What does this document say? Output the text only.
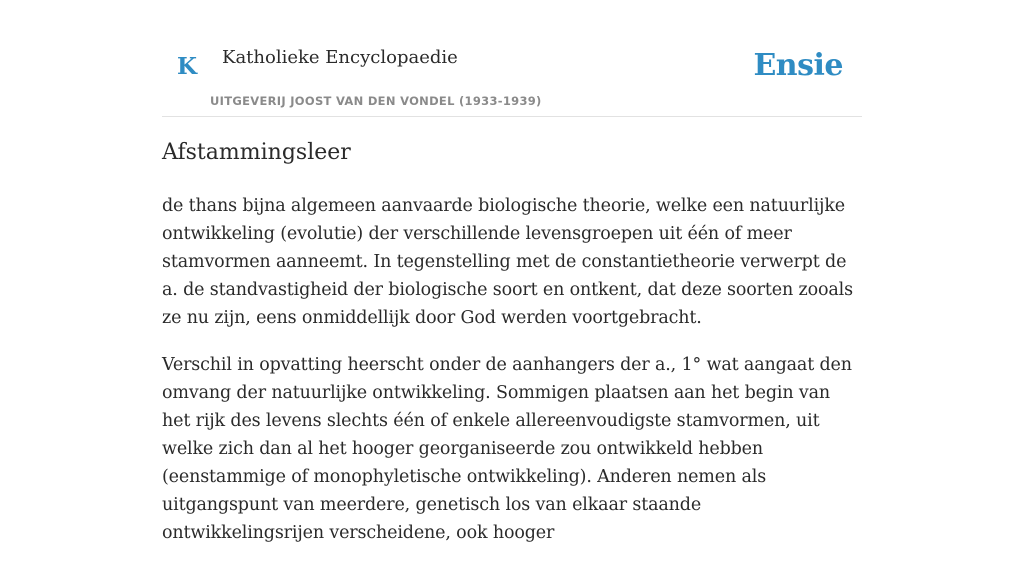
K Katholieke Encyclopaedie
UITGEVERIJ JOOST VAN DEN VONDEL (1933-1939)
Ensie
Afstammingsleer

de thans bijna algemeen aanvaarde biologische theorie, welke een natuurlijke ontwikkeling (evolutie) der verschillende levensgroepen uit één of meer stamvormen aanneemt. In tegenstelling met de constantietheorie verwerpt de a. de standvastigheid der biologische soort en ontkent, dat deze soorten zooals ze nu zijn, eens onmiddellijk door God werden voortgebracht.

Verschil in opvatting heerscht onder de aanhangers der a., 1° wat aangaat den omvang der natuurlijke ontwikkeling. Sommigen plaatsen aan het begin van het rijk des levens slechts één of enkele allereenvoudigste stamvormen, uit welke zich dan al het hooger georganiseerde zou ontwikkeld hebben (eenstammige of monophyletische ontwikkeling). Anderen nemen als uitgangspunt van meerdere, genetisch los van elkaar staande ontwikkelingsrijen verscheidene, ook hooger
